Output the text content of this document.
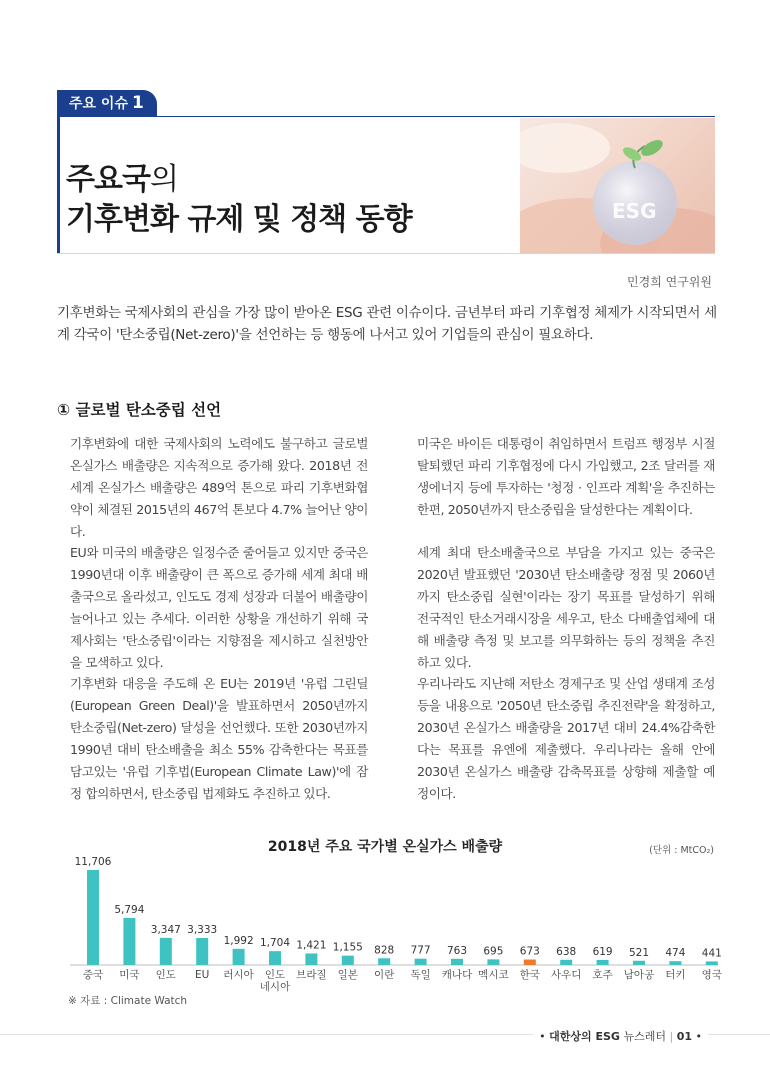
주요 이슈 1
주요국의
기후변화 규제 및 정책 동향	ESG
민경희 연구위원
기후변화는 국제사회의 관심을 가장 많이 받아온 ESG 관련 이슈이다. 금년부터 파리 기후협정 체제가 시작되면서 세계 각국이 '탄소중립(Net-zero)'을 선언하는 등 행동에 나서고 있어 기업들의 관심이 필요하다.
① 글로벌 탄소중립 선언

기후변화에 대한 국제사회의 노력에도 불구하고 글로벌 온실가스 배출량은 지속적으로 증가해 왔다. 2018년 전세계 온실가스 배출량은 489억 톤으로 파리 기후변화협약이 체결된 2015년의 467억 톤보다 4.7% 늘어난 양이다.

EU와 미국의 배출량은 일정수준 줄어들고 있지만 중국은 1990년대 이후 배출량이 큰 폭으로 증가해 세계 최대 배출국으로 올라섰고, 인도도 경제 성장과 더불어 배출량이 늘어나고 있는 추세다. 이러한 상황을 개선하기 위해 국제사회는 '탄소중립'이라는 지향점을 제시하고 실천방안을 모색하고 있다.

기후변화 대응을 주도해 온 EU는 2019년 '유럽 그린딜(European Green Deal)'을 발표하면서 2050년까지 탄소중립(Net-zero) 달성을 선언했다. 또한 2030년까지 1990년 대비 탄소배출을 최소 55% 감축한다는 목표를 담고있는 '유럽 기후법(European Climate Law)'에 잠정 합의하면서, 탄소중립 법제화도 추진하고 있다.

미국은 바이든 대통령이 취임하면서 트럼프 행정부 시절 탈퇴했던 파리 기후협정에 다시 가입했고, 2조 달러를 재생에너지 등에 투자하는 '청정 · 인프라 계획'을 추진하는 한편, 2050년까지 탄소중립을 달성한다는 계획이다.

세계 최대 탄소배출국으로 부담을 가지고 있는 중국은 2020년 발표했던 '2030년 탄소배출량 정점 및 2060년까지 탄소중립 실현'이라는 장기 목표를 달성하기 위해 전국적인 탄소거래시장을 세우고, 탄소 다배출업체에 대해 배출량 측정 및 보고를 의무화하는 등의 정책을 추진하고 있다.

우리나라도 지난해 저탄소 경제구조 및 산업 생태계 조성 등을 내용으로 '2050년 탄소중립 추진전략'을 확정하고, 2030년 온실가스 배출량을 2017년 대비 24.4%감축한다는 목표를 유엔에 제출했다. 우리나라는 올해 안에 2030년 온실가스 배출량 감축목표를 상향해 제출할 예정이다.

2018년 주요 국가별 온실가스 배출량	(단위 : MtCO₂)
11,706
중국
5,794
미국
3,347
인도
3,333
EU
1,992
러시아
1,704
인도
네시아
1,421
브라질
1,155
일본
828
이란
777
독일
763
캐나다
695
멕시코
673
한국
638
사우디
619
호주
521
남아공
474
터키
441
영국
※ 자료 : Climate Watch
• 대한상의 ESG 뉴스레터 | 01 •
